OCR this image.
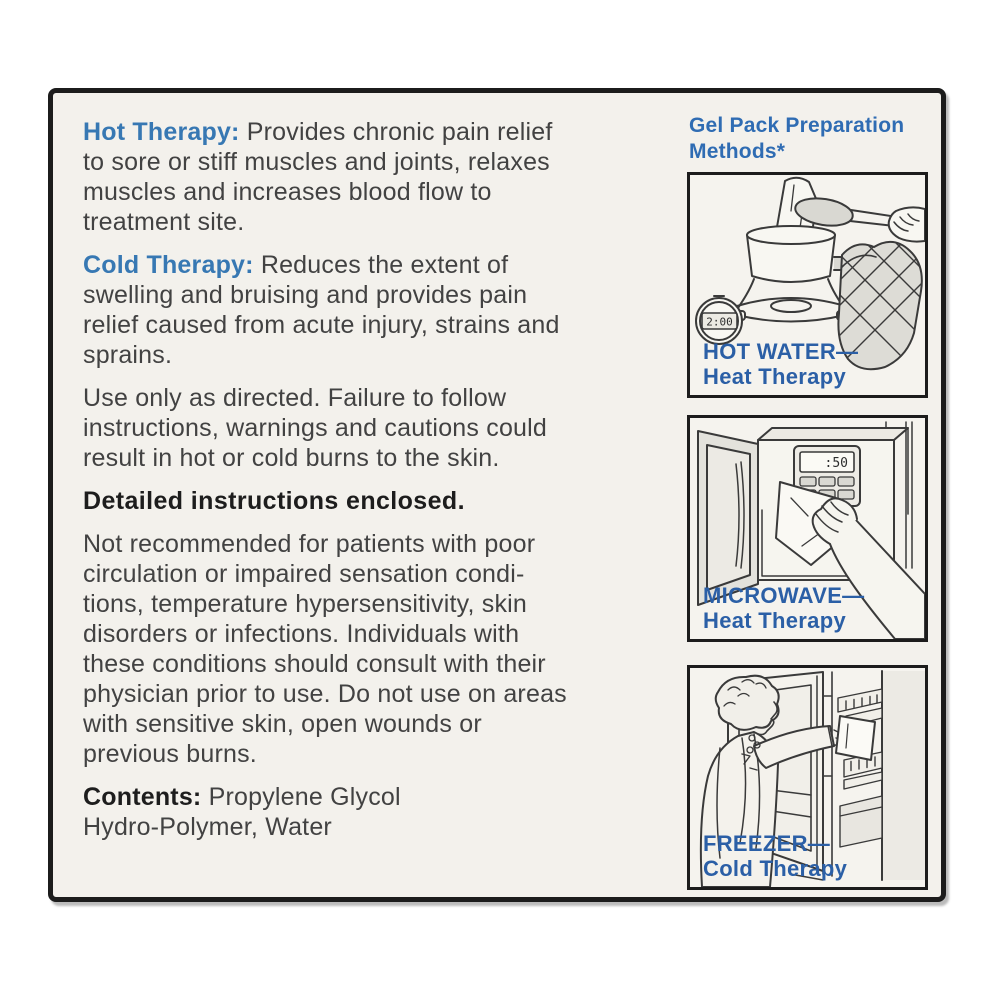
Hot Therapy: Provides chronic pain relief
to sore or stiff muscles and joints, relaxes
muscles and increases blood flow to
treatment site.
Cold Therapy: Reduces the extent of
swelling and bruising and provides pain
relief caused from acute injury, strains and
sprains.
Use only as directed. Failure to follow
instructions, warnings and cautions could
result in hot or cold burns to the skin.
Detailed instructions enclosed.
Not recommended for patients with poor
circulation or impaired sensation condi-
tions, temperature hypersensitivity, skin
disorders or infections. Individuals with
these conditions should consult with their
physician prior to use. Do not use on areas
with sensitive skin, open wounds or
previous burns.
Contents: Propylene Glycol
Hydro-Polymer, Water
Gel Pack Preparation
Methods*
2:00
HOT WATER—
Heat Therapy
:50
MICROWAVE—
Heat Therapy
FREEZER—
Cold Therapy
